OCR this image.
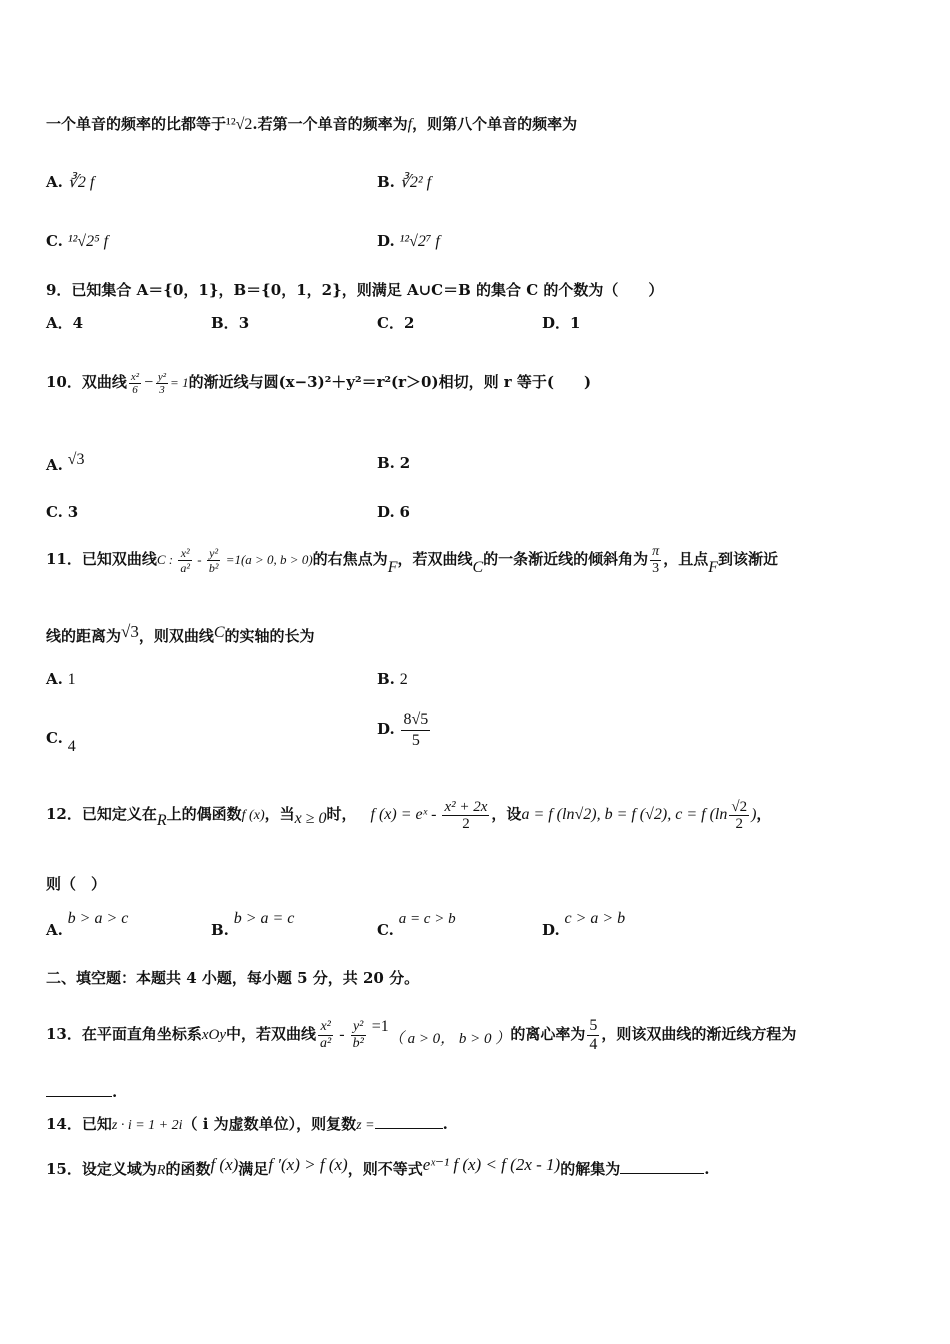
一个单音的频率的比都等于¹²√2.若第一个单音的频率为f，则第八个单音的频率为
A. ∛2 f	B. ∛2² f
C. ¹²√2⁵ f	D. ¹²√2⁷ f
9．已知集合 A＝{0，1}，B＝{0，1，2}，则满足 A∪C＝B 的集合 C 的个数为（　　）
A．4	B．3	C．2	D．1
10．双曲线 $\frac{\text{x²}}{6} - \frac{\text{y²}}{3} = 1$的渐近线与圆(x−3)²＋y²＝r²(r＞0)相切，则 r 等于(　　)
A. √3	B. 2
C. 3	D. 6
11．已知双曲线C : $\frac{\text{x²}}{\text{a²}} - \frac{\text{y²}}{\text{b²}} =1(a > 0$, b > 0)的右焦点为F，若双曲线C的一条渐近线的倾斜角为 $\frac{\pi}{3}$ ，且点F到该渐近
线的距离为√3，则双曲线C的实轴的长为
A. 1	B. 2
C. 4
D. $\frac{8√5}{5}$
12．已知定义在R上的偶函数f (x)，当x ≥ 0时， f (x) = eˣ - $\frac{\text{x² + 2x}}{2}$ ，设a = f (ln√2), b = f (√2), c = f ($\ln \frac{√2}{2}$ )，
则（　）
A. b > a > c
B. b > a = c
C. a = c > b
D. c > a > b
二、填空题：本题共 4 小题，每小题 5 分，共 20 分。
13．在平面直角坐标系xOy中，若双曲线 $\frac{\text{x²}}{\text{a²}} - \frac{\text{y²}}{\text{b²}} =1$（ a > 0， b > 0 ）的离心率为 $\frac{5}{4}$ ，则该双曲线的渐近线方程为
.
14．已知z · i = 1 + 2i（ i 为虚数单位），则复数z =	.
15．设定义域为R的函数f (x)满足f ′(x) > f (x)，则不等式eˣ⁻¹ f (x) < f (2x - 1)的解集为	.
